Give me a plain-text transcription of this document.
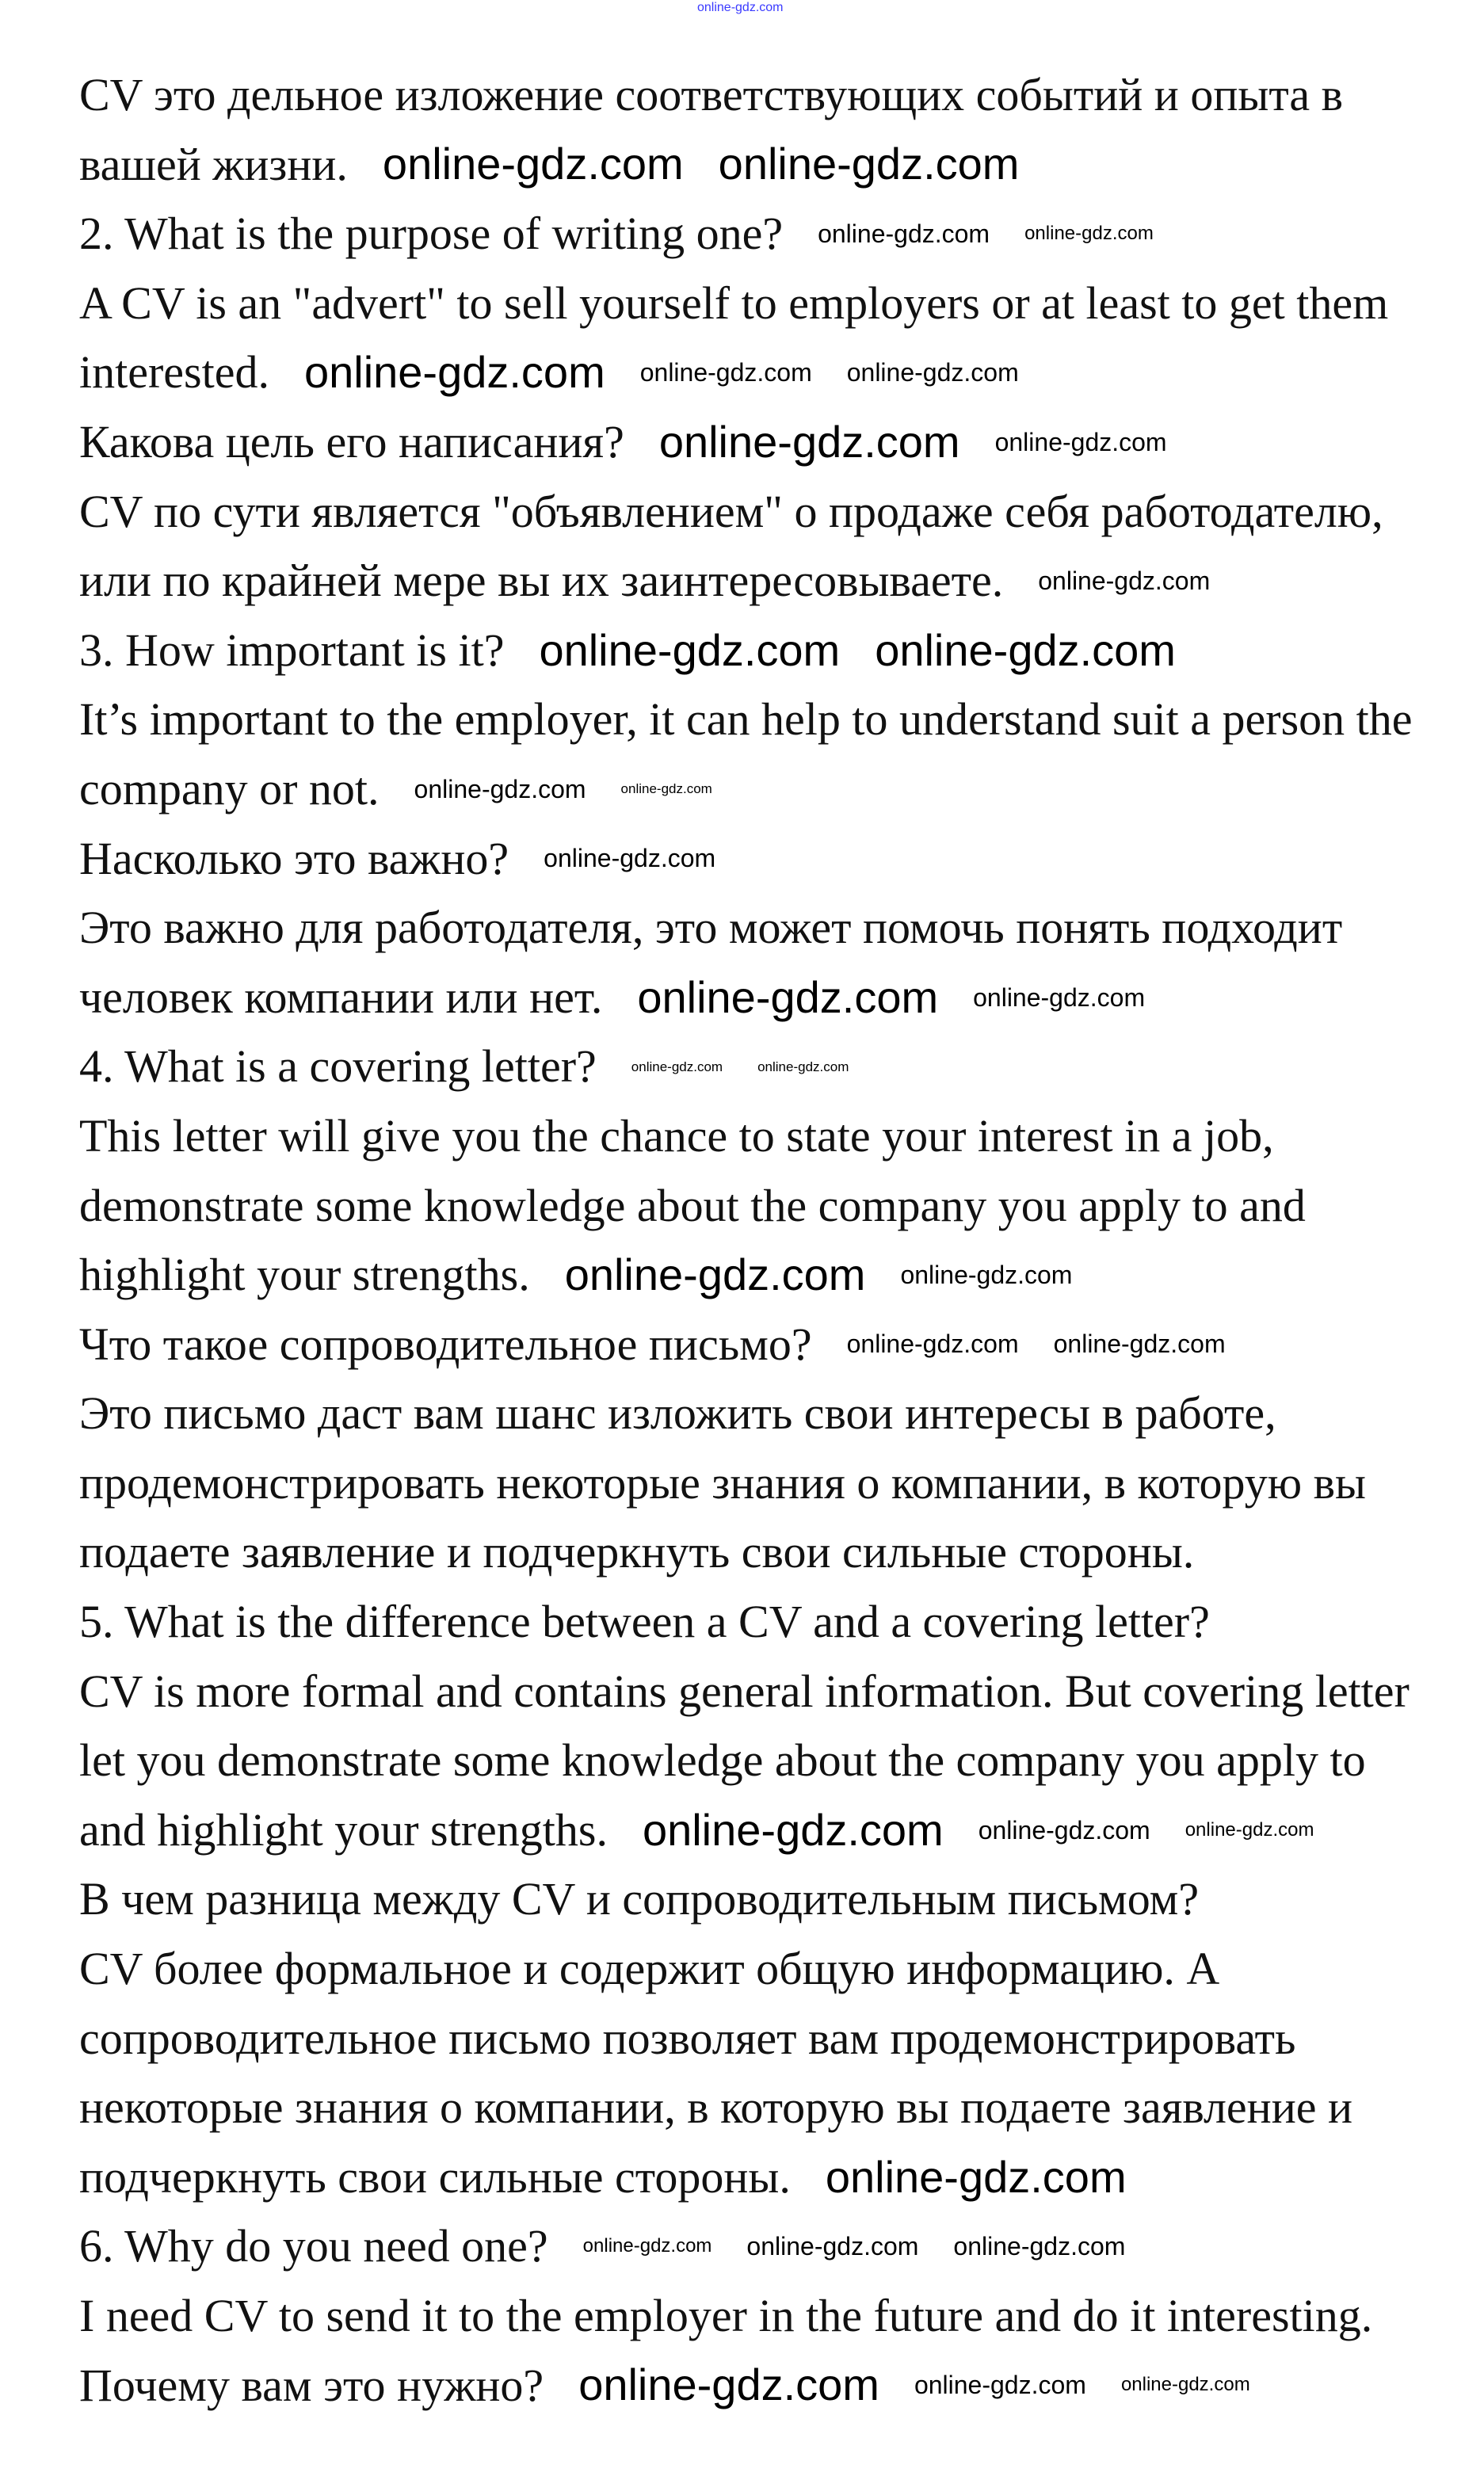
online-gdz.com
CV это дельное изложение соответствующих событий и опыта в
вашей жизни. online-gdz.com online-gdz.com
2. What is the purpose of writing one? online-gdz.com online-gdz.com
A CV is an "advert" to sell yourself to employers or at least to get them
interested. online-gdz.com online-gdz.com online-gdz.com
Какова цель его написания? online-gdz.com online-gdz.com
CV по сути является "объявлением" о продаже себя работодателю,
или по крайней мере вы их заинтересовываете. online-gdz.com
3. How important is it? online-gdz.com online-gdz.com
It’s important to the employer, it can help to understand suit a person the
company or not. online-gdz.com	online-gdz.com
Насколько это важно? online-gdz.com
Это важно для работодателя, это может помочь понять подходит
человек компании или нет. online-gdz.com online-gdz.com
4. What is a covering letter?	online-gdz.com	online-gdz.com
This letter will give you the chance to state your interest in a job,
demonstrate some knowledge about the company you apply to and
highlight your strengths. online-gdz.com online-gdz.com
Что такое сопроводительное письмо? online-gdz.com online-gdz.com
Это письмо даст вам шанс изложить свои интересы в работе,
продемонстрировать некоторые знания о компании, в которую вы
подаете заявление и подчеркнуть свои сильные стороны.
5. What is the difference between a CV and a covering letter?
CV is more formal and contains general information. But covering letter
let you demonstrate some knowledge about the company you apply to
and highlight your strengths. online-gdz.com online-gdz.com online-gdz.com
В чем разница между CV и сопроводительным письмом?
CV более формальное и содержит общую информацию. А
сопроводительное письмо позволяет вам продемонстрировать
некоторые знания о компании, в которую вы подаете заявление и
подчеркнуть свои сильные стороны. online-gdz.com
6. Why do you need one? online-gdz.com online-gdz.com online-gdz.com
I need CV to send it to the employer in the future and do it interesting.
Почему вам это нужно? online-gdz.com online-gdz.com online-gdz.com
